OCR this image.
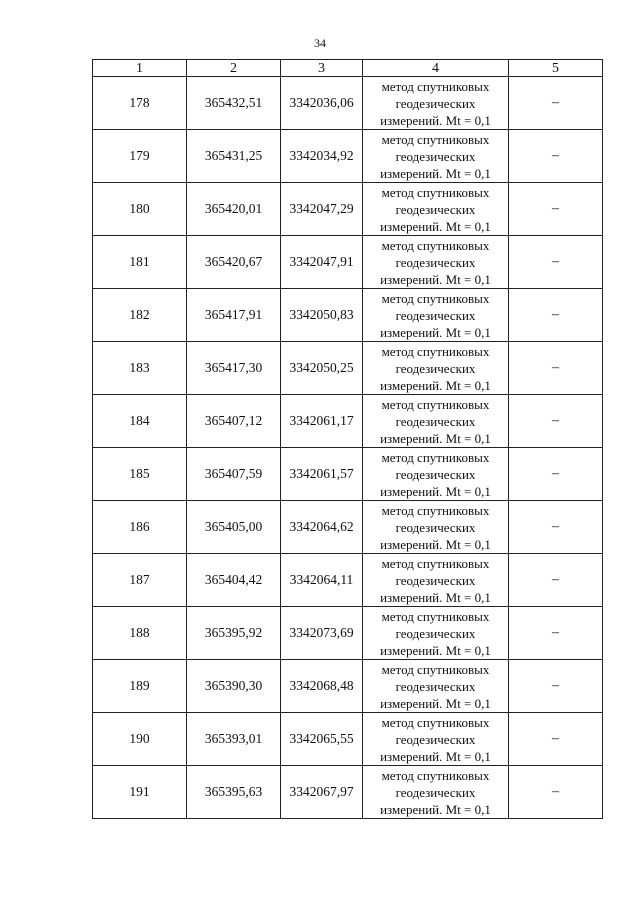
34
1	2	3	4	5
178	365432,51	3342036,06	метод спутниковых
геодезических
измерений. Mt = 0,1	–
179	365431,25	3342034,92	метод спутниковых
геодезических
измерений. Mt = 0,1	–
180	365420,01	3342047,29	метод спутниковых
геодезических
измерений. Mt = 0,1	–
181	365420,67	3342047,91	метод спутниковых
геодезических
измерений. Mt = 0,1	–
182	365417,91	3342050,83	метод спутниковых
геодезических
измерений. Mt = 0,1	–
183	365417,30	3342050,25	метод спутниковых
геодезических
измерений. Mt = 0,1	–
184	365407,12	3342061,17	метод спутниковых
геодезических
измерений. Mt = 0,1	–
185	365407,59	3342061,57	метод спутниковых
геодезических
измерений. Mt = 0,1	–
186	365405,00	3342064,62	метод спутниковых
геодезических
измерений. Mt = 0,1	–
187	365404,42	3342064,11	метод спутниковых
геодезических
измерений. Mt = 0,1	–
188	365395,92	3342073,69	метод спутниковых
геодезических
измерений. Mt = 0,1	–
189	365390,30	3342068,48	метод спутниковых
геодезических
измерений. Mt = 0,1	–
190	365393,01	3342065,55	метод спутниковых
геодезических
измерений. Mt = 0,1	–
191	365395,63	3342067,97	метод спутниковых
геодезических
измерений. Mt = 0,1	–
